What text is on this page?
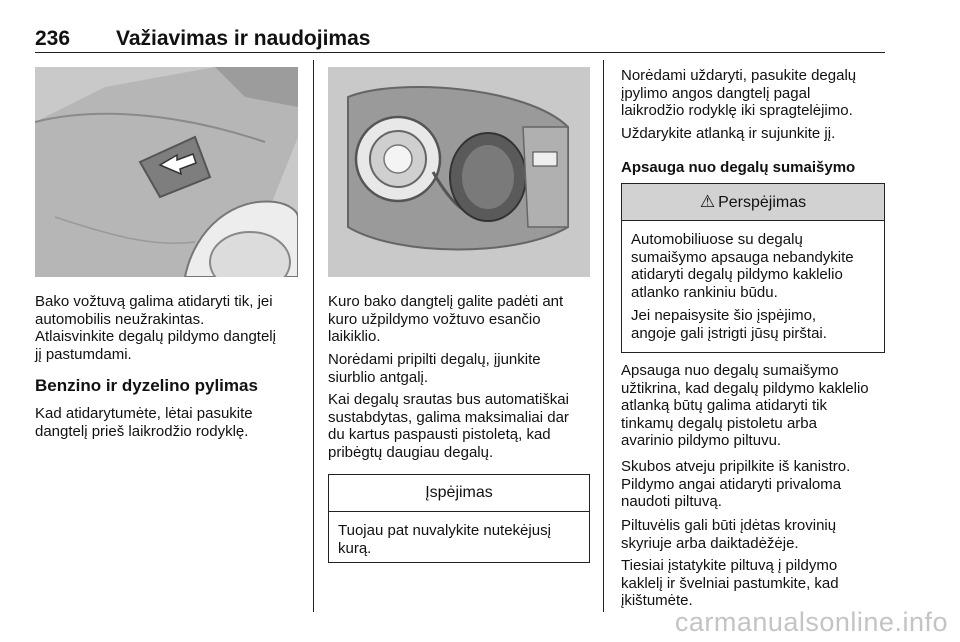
236 Važiavimas ir naudojimas

Bako vožtuvą galima atidaryti tik, jei
automobilis neužrakintas.
Atlaisvinkite degalų pildymo dangtelį
jį pastumdami.

Benzino ir dyzelino pylimas

Kad atidarytumėte, lėtai pasukite
dangtelį prieš laikrodžio rodyklę.

Kuro bako dangtelį galite padėti ant
kuro užpildymo vožtuvo esančio
laikiklio.

Norėdami pripilti degalų, įjunkite
siurblio antgalį.

Kai degalų srautas bus automatiškai
sustabdytas, galima maksimaliai dar
du kartus paspausti pistoletą, kad
pribėgtų daugiau degalų.

Įspėjimas

Tuojau pat nuvalykite nutekėjusį
kurą.

Norėdami uždaryti, pasukite degalų
įpylimo angos dangtelį pagal
laikrodžio rodyklę iki spragtelėjimo.

Uždarykite atlanką ir sujunkite jį.

Apsauga nuo degalų sumaišymo
⚠ Perspėjimas

Automobiliuose su degalų
sumaišymo apsauga nebandykite
atidaryti degalų pildymo kaklelio
atlanko rankiniu būdu.

Jei nepaisysite šio įspėjimo,
angoje gali įstrigti jūsų pirštai.

Apsauga nuo degalų sumaišymo
užtikrina, kad degalų pildymo kaklelio
atlanką būtų galima atidaryti tik
tinkamų degalų pistoletu arba
avarinio pildymo piltuvu.

Skubos atveju pripilkite iš kanistro.
Pildymo angai atidaryti privaloma
naudoti piltuvą.

Piltuvėlis gali būti įdėtas krovinių
skyriuje arba daiktadėžėje.

Tiesiai įstatykite piltuvą į pildymo
kaklelį ir švelniai pastumkite, kad
įkištumėte.

carmanualsonline.info
